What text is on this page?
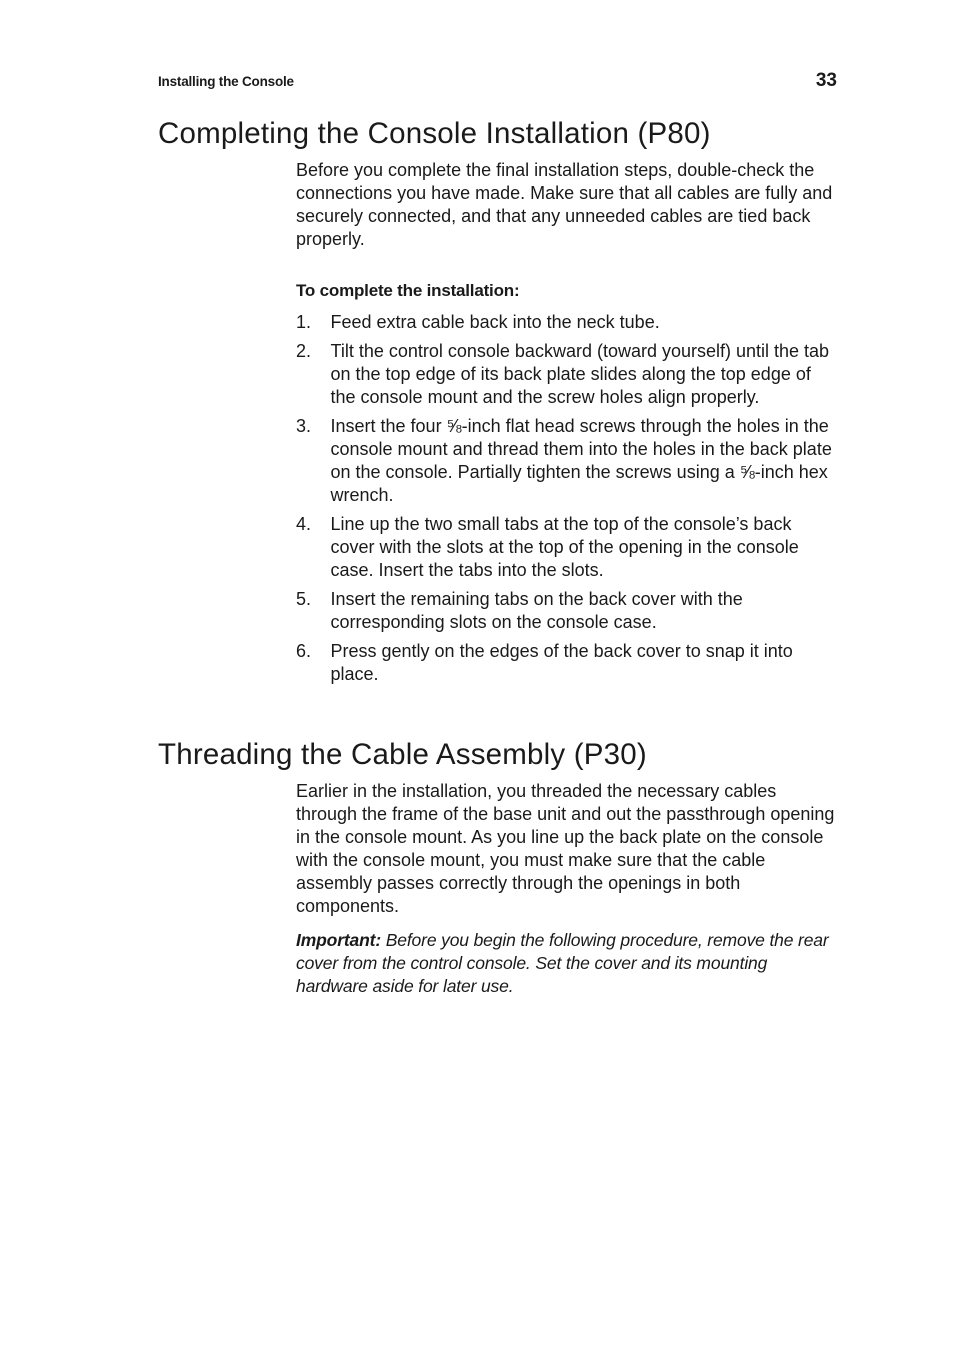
Installing the Console	33
Completing the Console Installation (P80)

Before you complete the final installation steps, double-check the connections you have made. Make sure that all cables are fully and securely connected, and that any unneeded cables are tied back properly.

To complete the installation:

1. Feed extra cable back into the neck tube.
2. Tilt the control console backward (toward yourself) until the tab on the top edge of its back plate slides along the top edge of the console mount and the screw holes align properly.
3. Insert the four ⅝-inch flat head screws through the holes in the console mount and thread them into the holes in the back plate on the console. Partially tighten the screws using a ⅝-inch hex wrench.
4. Line up the two small tabs at the top of the console’s back cover with the slots at the top of the opening in the console case. Insert the tabs into the slots.
5. Insert the remaining tabs on the back cover with the corresponding slots on the console case.
6. Press gently on the edges of the back cover to snap it into place.
Threading the Cable Assembly (P30)

Earlier in the installation, you threaded the necessary cables through the frame of the base unit and out the passthrough opening in the console mount. As you line up the back plate on the console with the console mount, you must make sure that the cable assembly passes correctly through the openings in both components.

Important: Before you begin the following procedure, remove the rear cover from the control console. Set the cover and its mounting hardware aside for later use.
